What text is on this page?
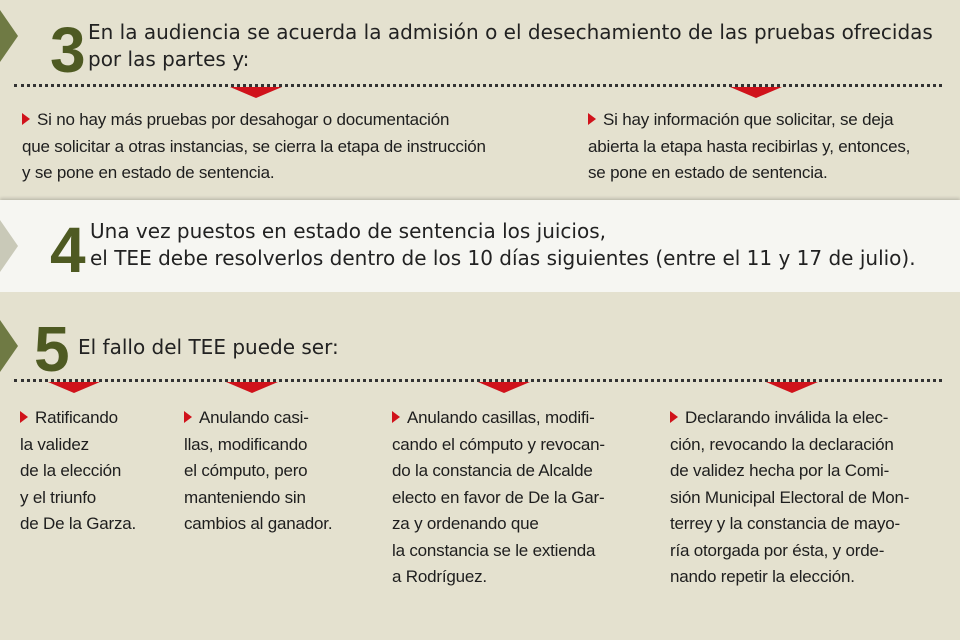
3 En la audiencia se acuerda la admisión o el desechamiento de las pruebas ofrecidas
por las partes y:
Si no hay más pruebas por desahogar o documentación
que solicitar a otras instancias, se cierra la etapa de instrucción
y se pone en estado de sentencia.
Si hay información que solicitar, se deja
abierta la etapa hasta recibirlas y, entonces,
se pone en estado de sentencia.
4 Una vez puestos en estado de sentencia los juicios,
el TEE debe resolverlos dentro de los 10 días siguientes (entre el 11 y 17 de julio).
5 El fallo del TEE puede ser:
Ratificando
la validez
de la elección
y el triunfo
de De la Garza.
Anulando casi-
llas, modificando
el cómputo, pero
manteniendo sin
cambios al ganador.
Anulando casillas, modifi-
cando el cómputo y revocan-
do la constancia de Alcalde
electo en favor de De la Gar-
za y ordenando que
la constancia se le extienda
a Rodríguez.
Declarando inválida la elec-
ción, revocando la declaración
de validez hecha por la Comi-
sión Municipal Electoral de Mon-
terrey y la constancia de mayo-
ría otorgada por ésta, y orde-
nando repetir la elección.
